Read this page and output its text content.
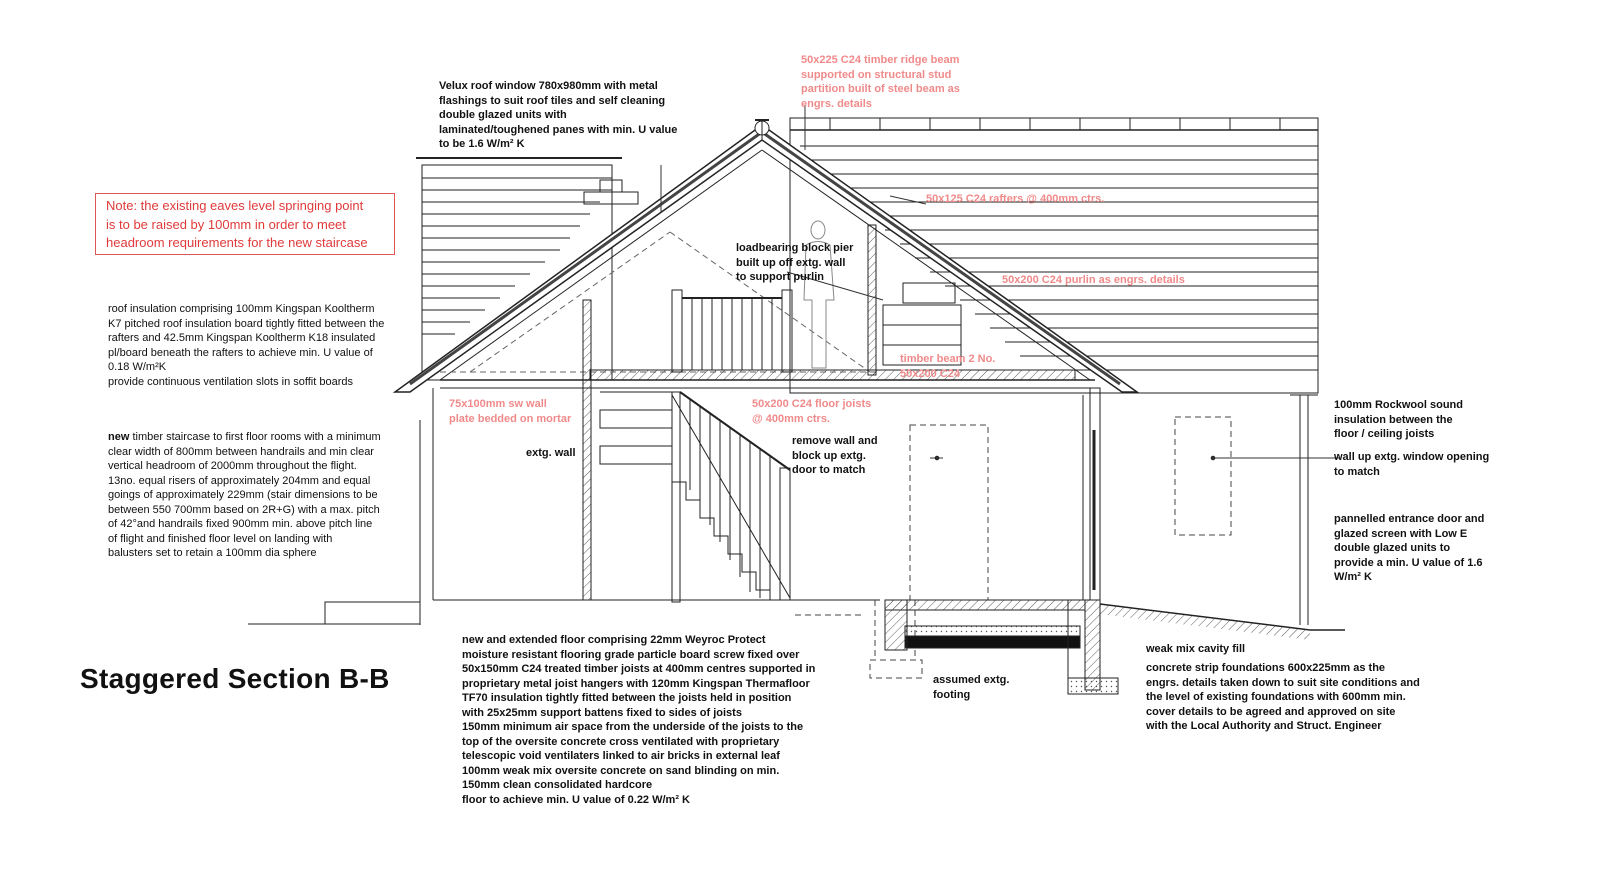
Velux roof window 780x980mm with metal
flashings to suit roof tiles and self cleaning
double glazed units with
laminated/toughened panes with min. U value
to be 1.6 W/m² K
50x225 C24 timber ridge beam
supported on structural stud
partition built of steel beam as
engrs. details
50x125 C24 rafters @ 400mm ctrs.
Note: the existing eaves level springing point
is to be raised by 100mm in order to meet
headroom requirements for the new staircase	loadbearing block pier
built up off extg. wall
to support purlin	50x200 C24 purlin as engrs. details
roof insulation comprising 100mm Kingspan Kooltherm
K7 pitched roof insulation board tightly fitted between the
rafters and 42.5mm Kingspan Kooltherm K18 insulated
pl/board beneath the rafters to achieve min. U value of
0.18 W/m²K
provide continuous ventilation slots in soffit boards
timber beam 2 No.
50x200 C24
75x100mm sw wall
plate bedded on mortar
50x200 C24 floor joists
@ 400mm ctrs.
100mm Rockwool sound
insulation between the
floor / ceiling joists
new timber staircase to first floor rooms with a minimum
clear width of 800mm between handrails and min clear
vertical headroom of 2000mm throughout the flight.
13no. equal risers of approximately 204mm and equal
goings of approximately 229mm (stair dimensions to be
between 550 700mm based on 2R+G) with a max. pitch
of 42°and handrails fixed 900mm min. above pitch line
of flight and finished floor level on landing with
balusters set to retain a 100mm dia sphere
extg. wall
remove wall and
block up extg.
door to match
wall up extg. window opening
to match
pannelled entrance door and
glazed screen with Low E
double glazed units to
provide a min. U value of 1.6
W/m² K
new and extended floor comprising 22mm Weyroc Protect
moisture resistant flooring grade particle board screw fixed over
50x150mm C24 treated timber joists at 400mm centres supported in
proprietary metal joist hangers with 120mm Kingspan Thermafloor
TF70 insulation tightly fitted between the joists held in position
with 25x25mm support battens fixed to sides of joists
150mm minimum air space from the underside of the joists to the
top of the oversite concrete cross ventilated with proprietary
telescopic void ventilaters linked to air bricks in external leaf
100mm weak mix oversite concrete on sand blinding on min.
150mm clean consolidated hardcore
floor to achieve min. U value of 0.22 W/m² K
assumed extg.
footing
weak mix cavity fill
concrete strip foundations 600x225mm as the
engrs. details taken down to suit site conditions and
the level of existing foundations with 600mm min.
cover details to be agreed and approved on site
with the Local Authority and Struct. Engineer
Staggered Section B-B
